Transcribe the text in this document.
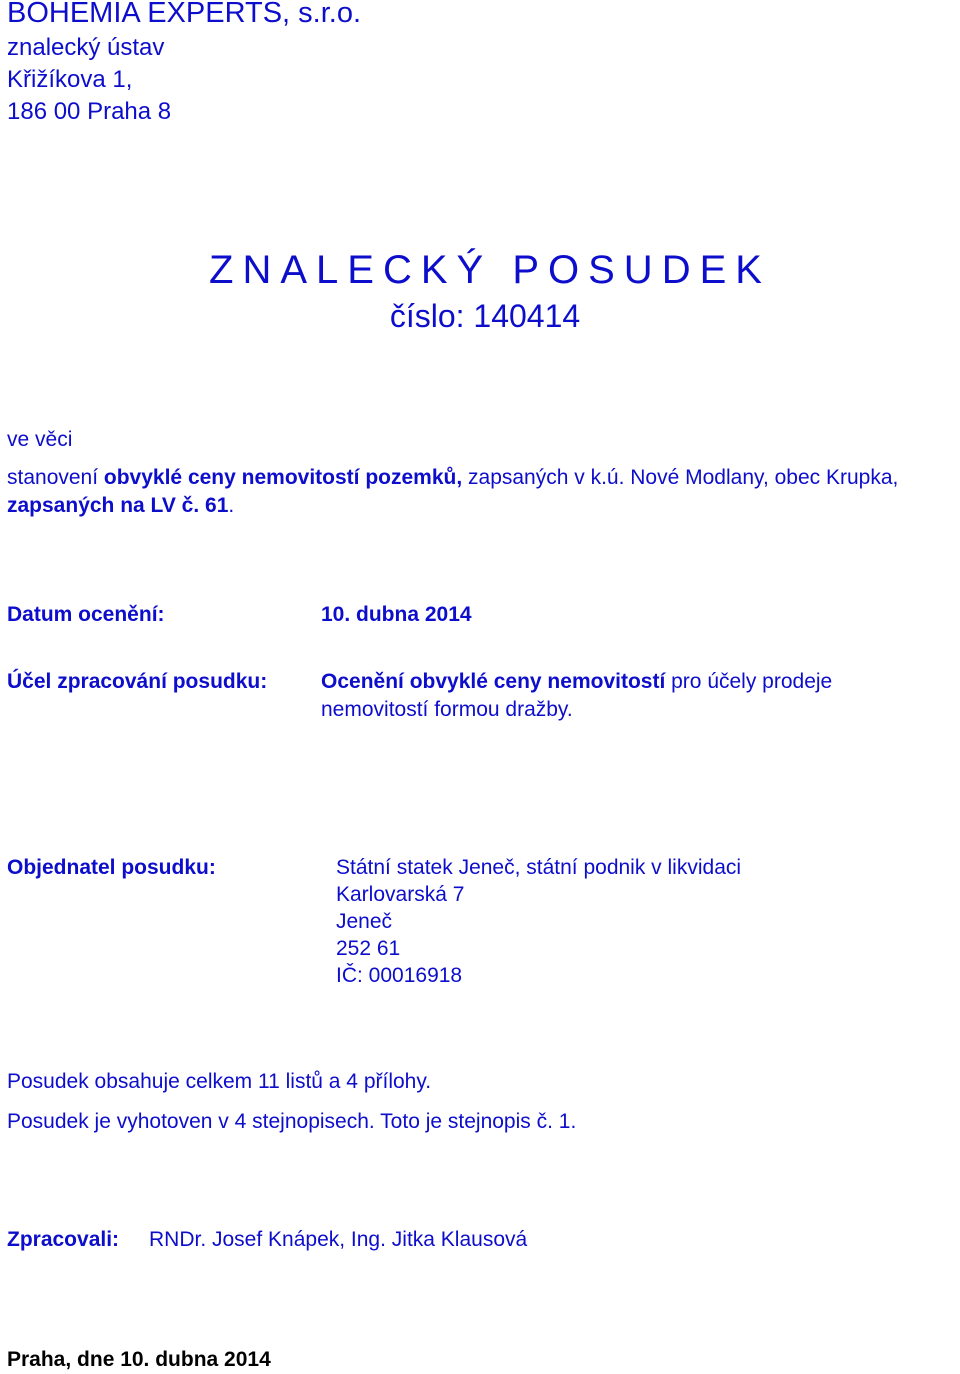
BOHEMIA EXPERTS, s.r.o.
znalecký ústav
Křižíkova 1,
186 00 Praha 8
ZNALECKÝ POSUDEK
číslo: 140414
ve věci
stanovení obvyklé ceny nemovitostí pozemků, zapsaných v k.ú. Nové Modlany, obec Krupka, zapsaných na LV č. 61.
Datum ocenění:	10. dubna 2014
Účel zpracování posudku:	Ocenění obvyklé ceny nemovitostí pro účely prodeje nemovitostí formou dražby.
Objednatel posudku:	Státní statek Jeneč, státní podnik v likvidaci
Karlovarská 7
Jeneč
252 61
IČ: 00016918
Posudek obsahuje celkem 11 listů a 4 přílohy.
Posudek je vyhotoven v 4 stejnopisech. Toto je stejnopis č. 1.
Zpracovali: RNDr. Josef Knápek, Ing. Jitka Klausová
Praha, dne 10. dubna 2014
